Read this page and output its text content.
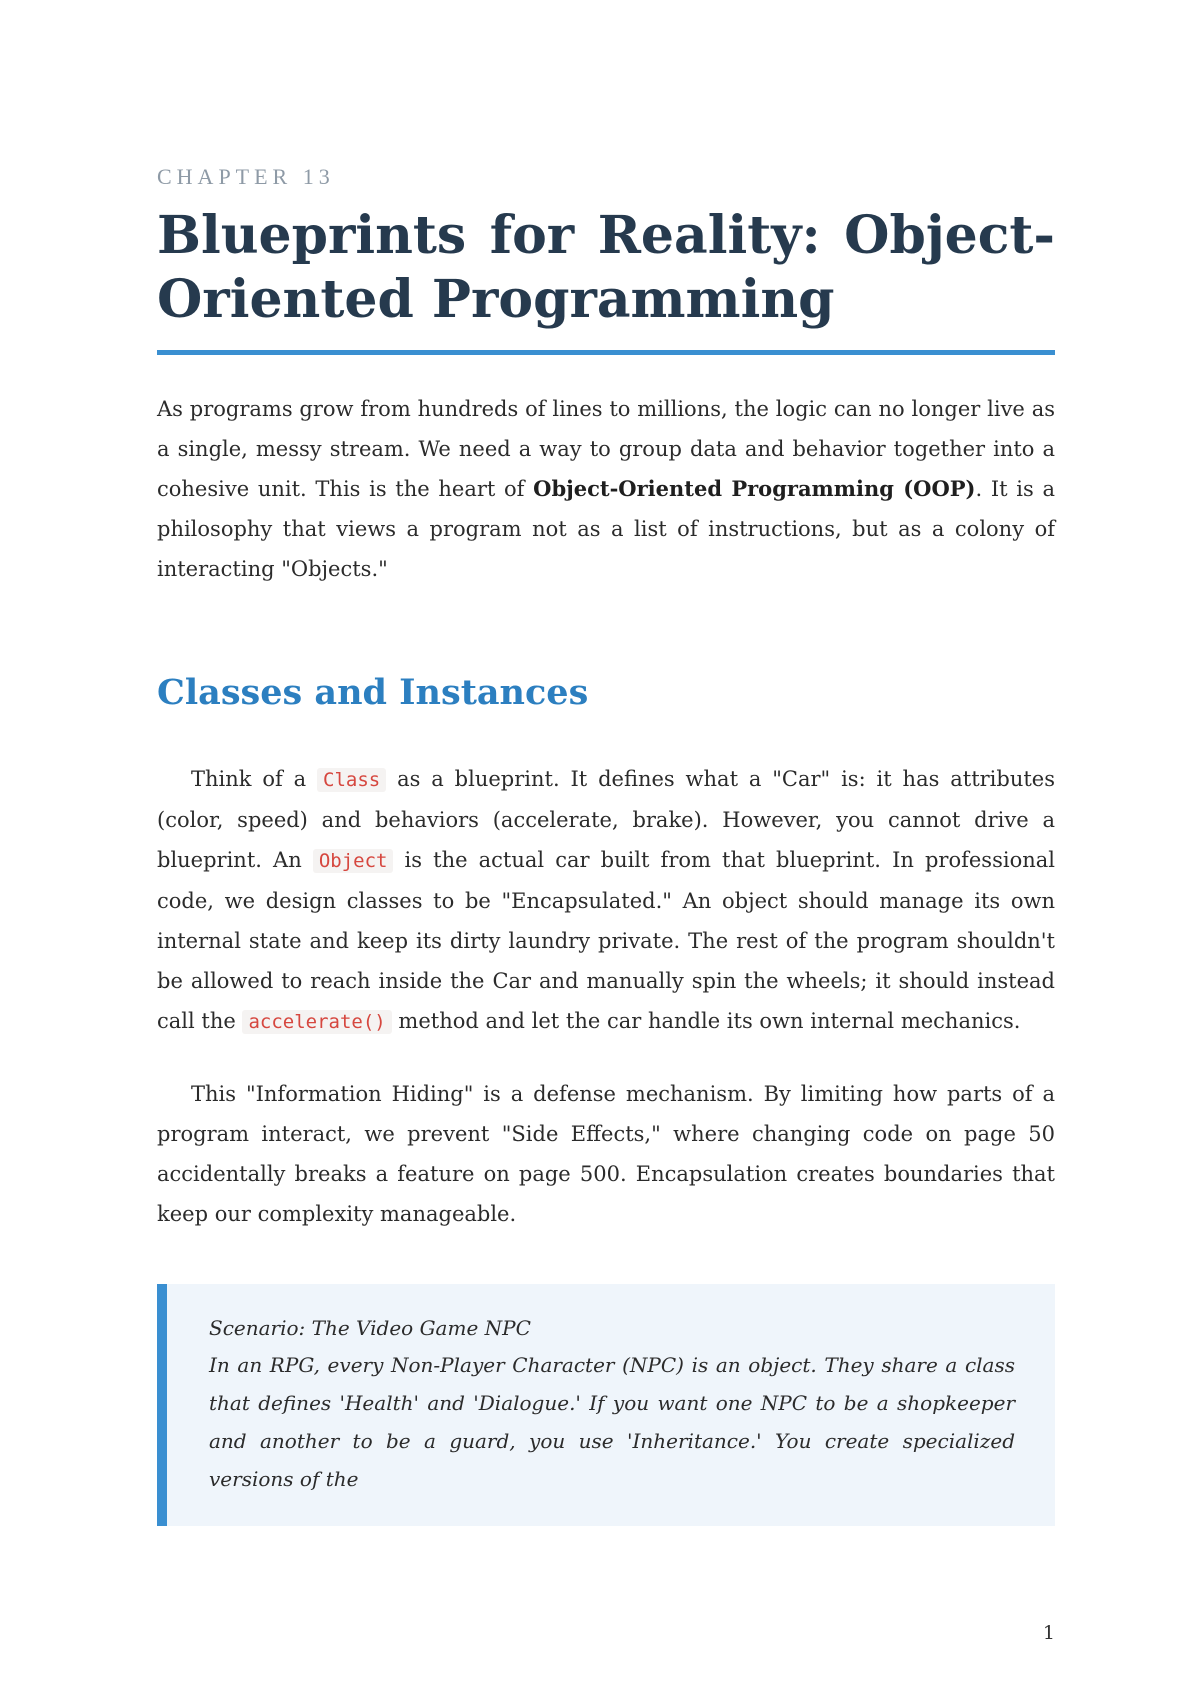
CHAPTER 13
Blueprints for Reality: Object-Oriented Programming

As programs grow from hundreds of lines to millions, the logic can no longer live as a single, messy stream. We need a way to group data and behavior together into a cohesive unit. This is the heart of Object-Oriented Programming (OOP). It is a philosophy that views a program not as a list of instructions, but as a colony of interacting "Objects."

Classes and Instances

Think of a Class as a blueprint. It defines what a "Car" is: it has attributes (color, speed) and behaviors (accelerate, brake). However, you cannot drive a blueprint. An Object is the actual car built from that blueprint. In professional code, we design classes to be "Encapsulated." An object should manage its own internal state and keep its dirty laundry private. The rest of the program shouldn't be allowed to reach inside the Car and manually spin the wheels; it should instead call the accelerate() method and let the car handle its own internal mechanics.

This "Information Hiding" is a defense mechanism. By limiting how parts of a program interact, we prevent "Side Effects," where changing code on page 50 accidentally breaks a feature on page 500. Encapsulation creates boundaries that keep our complexity manageable.

Scenario: The Video Game NPC

In an RPG, every Non-Player Character (NPC) is an object. They share a class that defines 'Health' and 'Dialogue.' If you want one NPC to be a shopkeeper and another to be a guard, you use 'Inheritance.' You create specialized versions of the

1
